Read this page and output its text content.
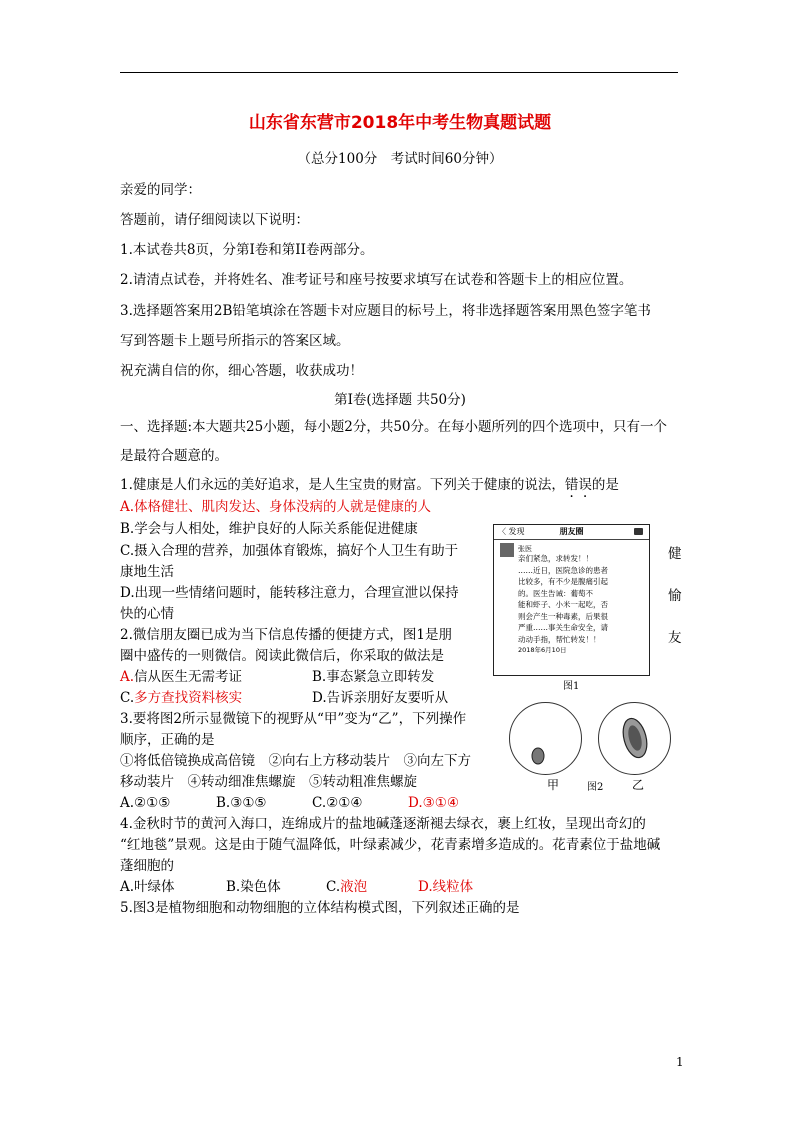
山东省东营市2018年中考生物真题试题
（总分100分　考试时间60分钟）
亲爱的同学：
答题前，请仔细阅读以下说明：
1.本试卷共8页，分第I卷和第II卷两部分。
2.请清点试卷，并将姓名、准考证号和座号按要求填写在试卷和答题卡上的相应位置。
3.选择题答案用2B铅笔填涂在答题卡对应题目的标号上，将非选择题答案用黑色签字笔书
写到答题卡上题号所指示的答案区域。
祝充满自信的你，细心答题，收获成功！
第Ⅰ卷(选择题 共50分)
一、选择题:本大题共25小题，每小题2分，共50分。在每小题所列的四个选项中，只有一个
是最符合题意的。
1.健康是人们永远的美好追求，是人生宝贵的财富。下列关于健康的说法，错误的是
A.体格健壮、肌肉发达、身体没病的人就是健康的人
B.学会与人相处，维护良好的人际关系能促进健康
C.摄入合理的营养，加强体育锻炼，搞好个人卫生有助于
康地生活
D.出现一些情绪问题时，能转移注意力，合理宣泄以保持
快的心情
健
愉
友
2.微信朋友圈已成为当下信息传播的便捷方式，图1是朋
圈中盛传的一则微信。阅读此微信后，你采取的做法是
A.信从医生无需考证	B.事态紧急立即转发
C.多方查找资料核实	D.告诉亲朋好友要听从
〈 发现	朋友圈
张医
亲们紧急，求转发！！
……近日，医院急诊的患者
比较多，有不少是腹痛引起
的。医生告诫：葡萄不
能和虾子、小米一起吃，否
则会产生一种毒素，后果很
严重……事关生命安全，请
动动手指，帮忙转发！！
2018年6月10日
图1
甲	图2 乙
3.要将图2所示显微镜下的视野从“甲”变为“乙”，下列操作
顺序，正确的是
①将低倍镜换成高倍镜　②向右上方移动装片　③向左下方
移动装片　④转动细准焦螺旋　⑤转动粗准焦螺旋
A.②①⑤	B.③①⑤	C.②①④	D.③①④
4.金秋时节的黄河入海口，连绵成片的盐地碱蓬逐渐褪去绿衣，裹上红妆，呈现出奇幻的
“红地毯”景观。这是由于随气温降低，叶绿素减少，花青素增多造成的。花青素位于盐地碱
蓬细胞的
A.叶绿体	B.染色体	C.液泡	D.线粒体
5.图3是植物细胞和动物细胞的立体结构模式图，下列叙述正确的是
1
